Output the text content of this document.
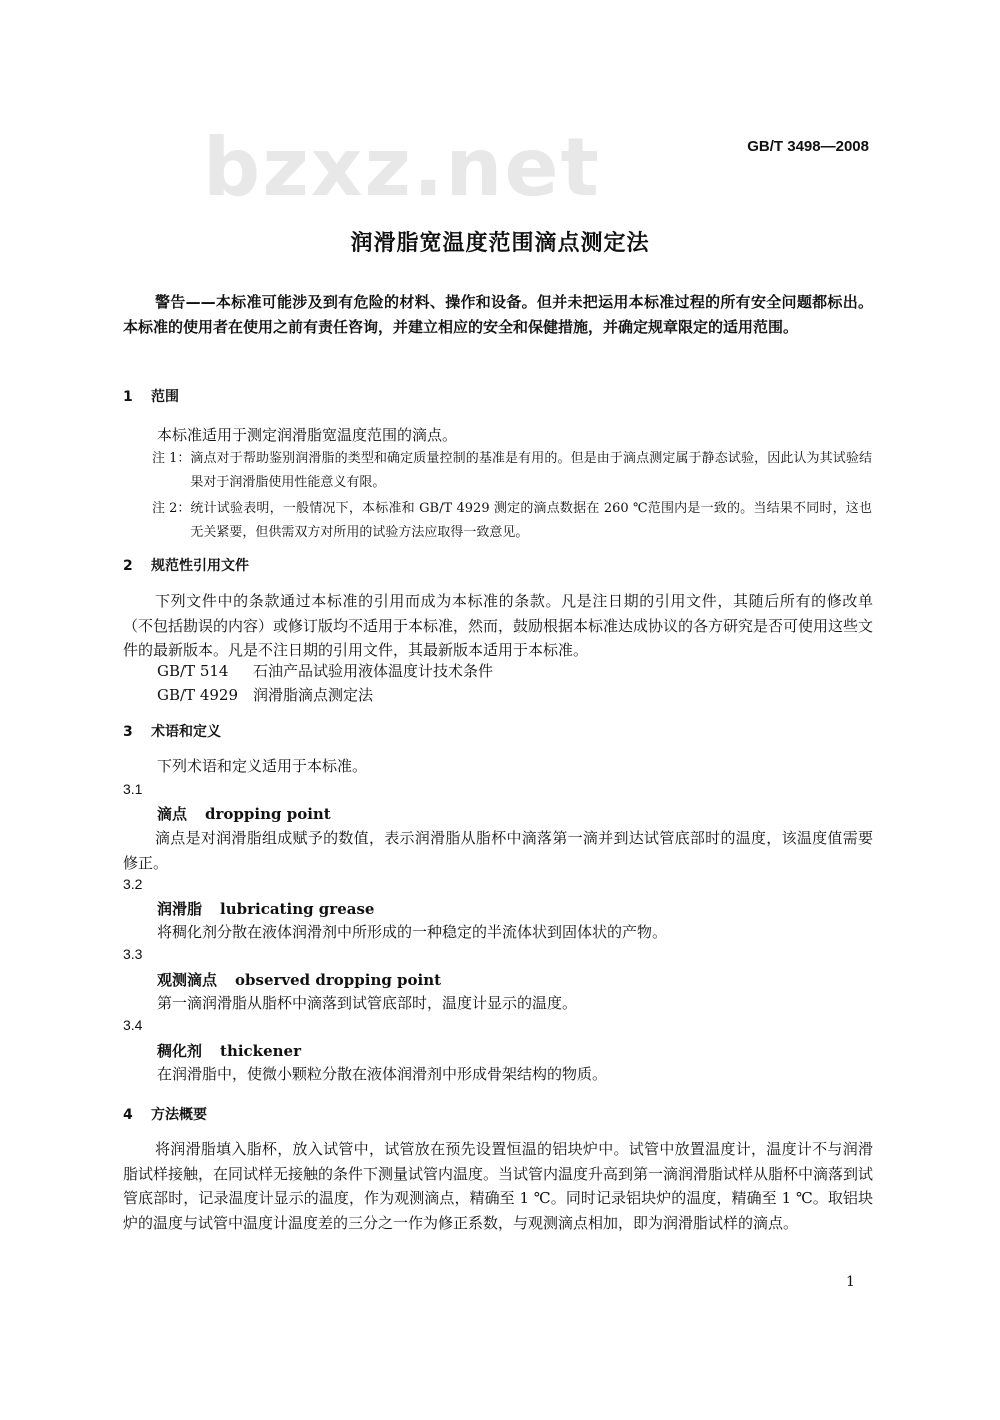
bzxz.net	GB/T 3498—2008
润滑脂宽温度范围滴点测定法
警告——本标准可能涉及到有危险的材料、操作和设备。但并未把运用本标准过程的所有安全问题都标出。本标准的使用者在使用之前有责任咨询，并建立相应的安全和保健措施，并确定规章限定的适用范围。
1 范围
本标准适用于测定润滑脂宽温度范围的滴点。
注 1： 滴点对于帮助鉴别润滑脂的类型和确定质量控制的基准是有用的。但是由于滴点测定属于静态试验，因此认为其试验结果对于润滑脂使用性能意义有限。
注 2： 统计试验表明，一般情况下，本标准和 GB/T 4929 测定的滴点数据在 260 ℃范围内是一致的。当结果不同时，这也无关紧要，但供需双方对所用的试验方法应取得一致意见。
2 规范性引用文件
下列文件中的条款通过本标准的引用而成为本标准的条款。凡是注日期的引用文件，其随后所有的修改单（不包括勘误的内容）或修订版均不适用于本标准，然而，鼓励根据本标准达成协议的各方研究是否可使用这些文件的最新版本。凡是不注日期的引用文件，其最新版本适用于本标准。
GB/T 514 石油产品试验用液体温度计技术条件
GB/T 4929 润滑脂滴点测定法
3 术语和定义
下列术语和定义适用于本标准。
3.1
滴点 dropping point
滴点是对润滑脂组成赋予的数值，表示润滑脂从脂杯中滴落第一滴并到达试管底部时的温度，该温度值需要修正。
3.2
润滑脂 lubricating grease
将稠化剂分散在液体润滑剂中所形成的一种稳定的半流体状到固体状的产物。
3.3
观测滴点 observed dropping point
第一滴润滑脂从脂杯中滴落到试管底部时，温度计显示的温度。
3.4
稠化剂 thickener
在润滑脂中，使微小颗粒分散在液体润滑剂中形成骨架结构的物质。
4 方法概要
将润滑脂填入脂杯，放入试管中，试管放在预先设置恒温的铝块炉中。试管中放置温度计，温度计不与润滑脂试样接触，在同试样无接触的条件下测量试管内温度。当试管内温度升高到第一滴润滑脂试样从脂杯中滴落到试管底部时，记录温度计显示的温度，作为观测滴点，精确至 1 ℃。同时记录铝块炉的温度，精确至 1 ℃。取铝块炉的温度与试管中温度计温度差的三分之一作为修正系数，与观测滴点相加，即为润滑脂试样的滴点。
1
